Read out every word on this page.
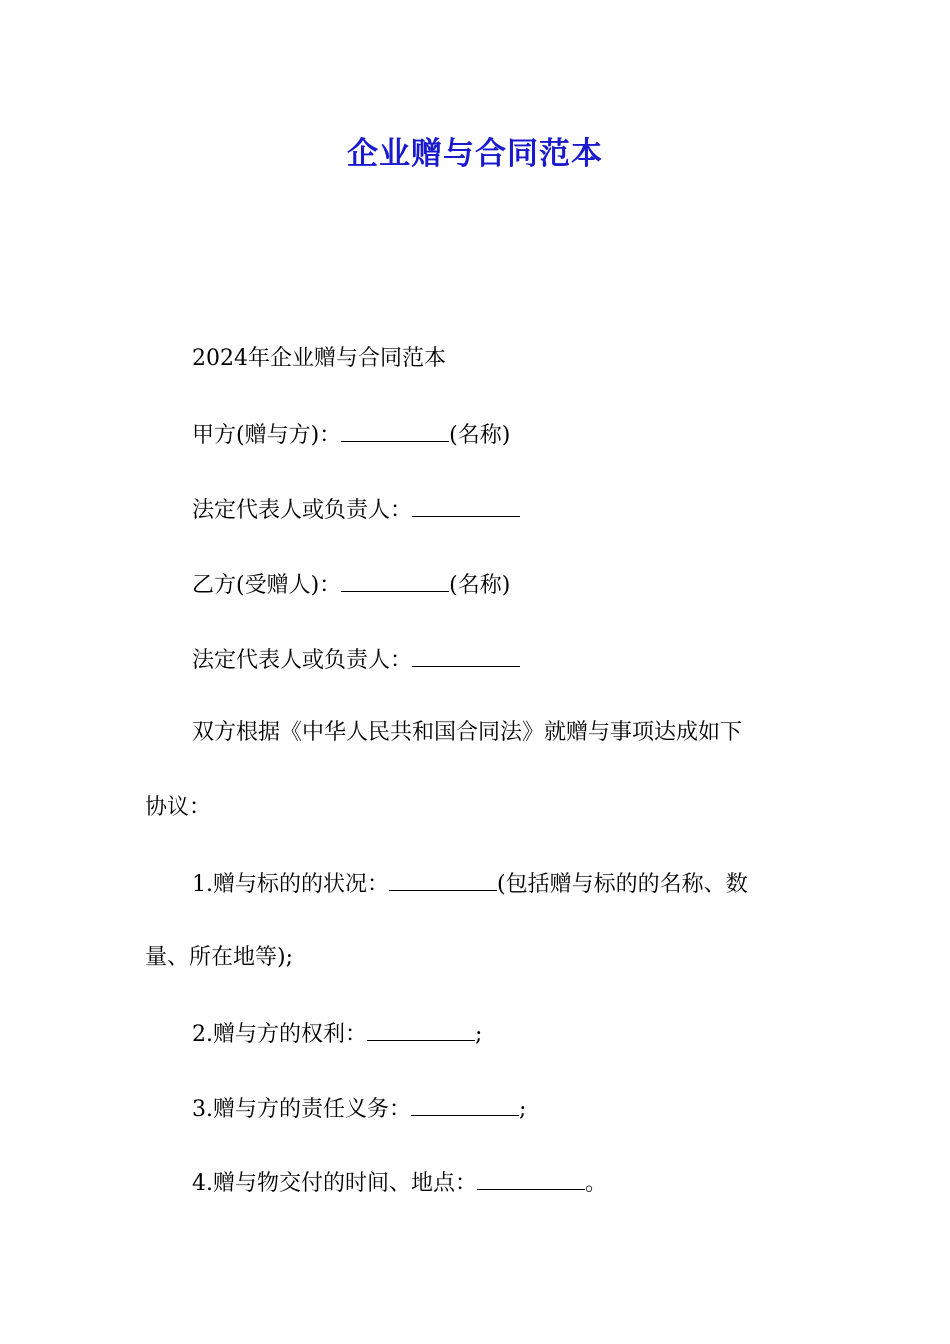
企业赠与合同范本

2024年企业赠与合同范本

甲方(赠与方)：	(名称)

法定代表人或负责人：

乙方(受赠人)：	(名称)

法定代表人或负责人：

双方根据《中华人民共和国合同法》就赠与事项达成如下

协议：

1.赠与标的的状况：	(包括赠与标的的名称、数

量、所在地等);

2.赠与方的权利：	;

3.赠与方的责任义务：	;

4.赠与物交付的时间、地点：	。
